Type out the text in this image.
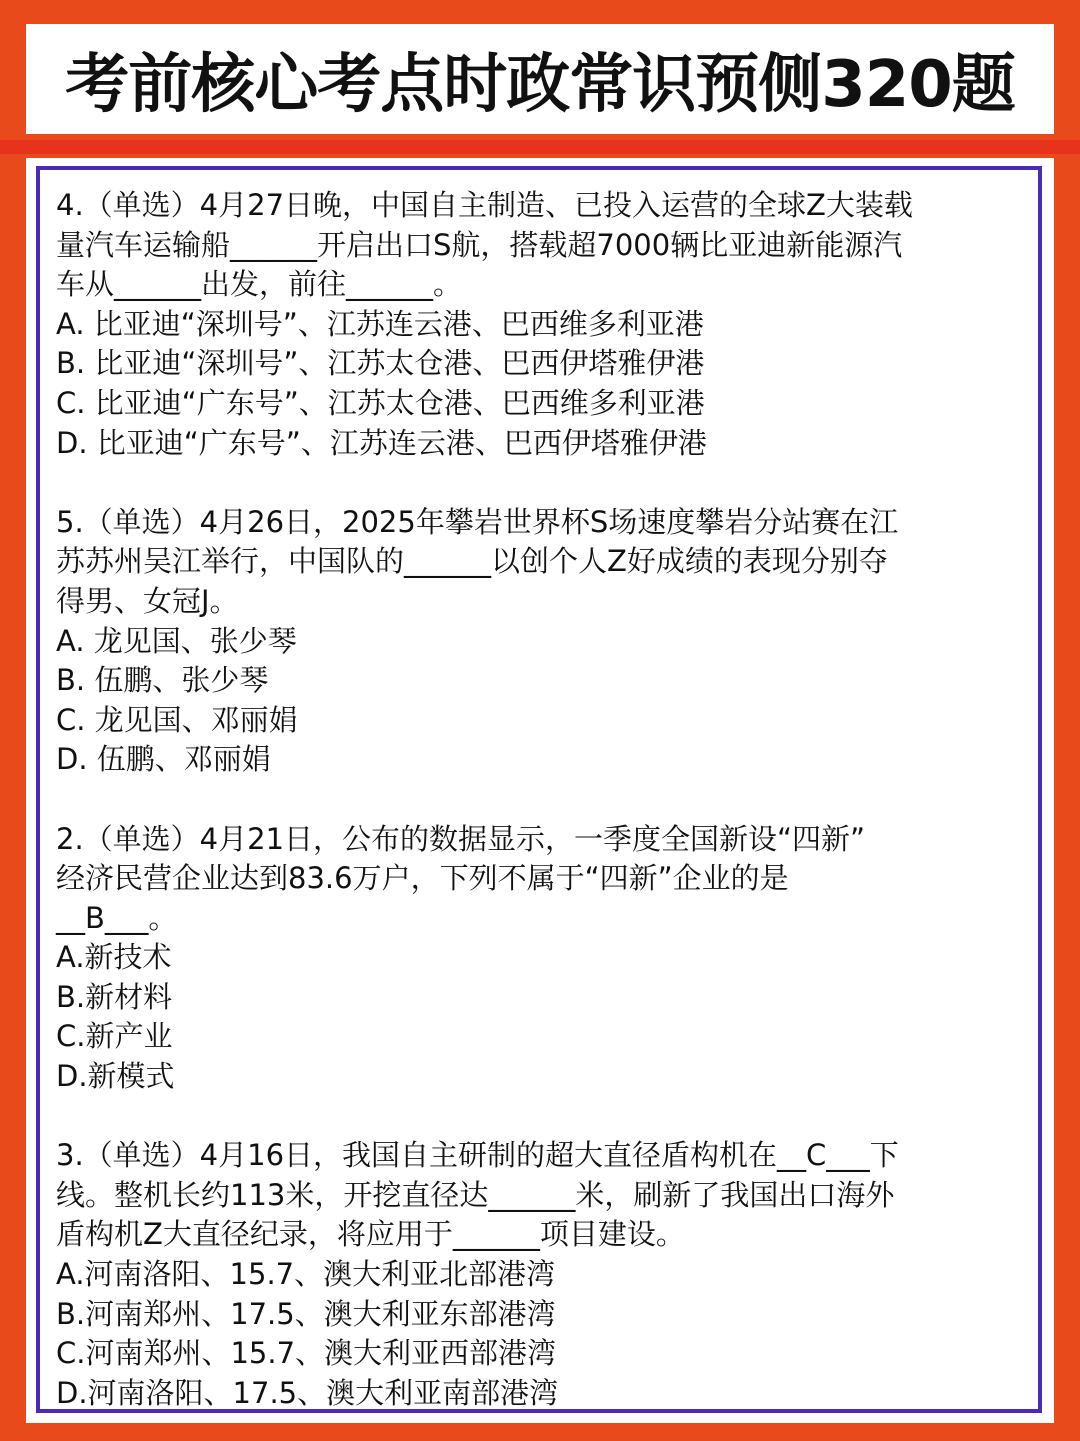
考前核心考点时政常识预侧320题
4.（单选）4月27日晚，中国自主制造、已投入运营的全球Z大装载
量汽车运输船______开启出口S航，搭载超7000辆比亚迪新能源汽
车从______出发，前往______。
A. 比亚迪“深圳号”、江苏连云港、巴西维多利亚港
B. 比亚迪“深圳号”、江苏太仓港、巴西伊塔雅伊港
C. 比亚迪“广东号”、江苏太仓港、巴西维多利亚港
D. 比亚迪“广东号”、江苏连云港、巴西伊塔雅伊港
5.（单选）4月26日，2025年攀岩世界杯S场速度攀岩分站赛在江
苏苏州吴江举行，中国队的______以创个人Z好成绩的表现分别夺
得男、女冠J。
A. 龙见国、张少琴
B. 伍鹏、张少琴
C. 龙见国、邓丽娟
D. 伍鹏、邓丽娟
2.（单选）4月21日，公布的数据显示，一季度全国新设“四新”
经济民营企业达到83.6万户，下列不属于“四新”企业的是
__B___。
A.新技术
B.新材料
C.新产业
D.新模式
3.（单选）4月16日，我国自主研制的超大直径盾构机在__C___下
线。整机长约113米，开挖直径达______米，刷新了我国出口海外
盾构机Z大直径纪录，将应用于______项目建设。
A.河南洛阳、15.7、澳大利亚北部港湾
B.河南郑州、17.5、澳大利亚东部港湾
C.河南郑州、15.7、澳大利亚西部港湾
D.河南洛阳、17.5、澳大利亚南部港湾
